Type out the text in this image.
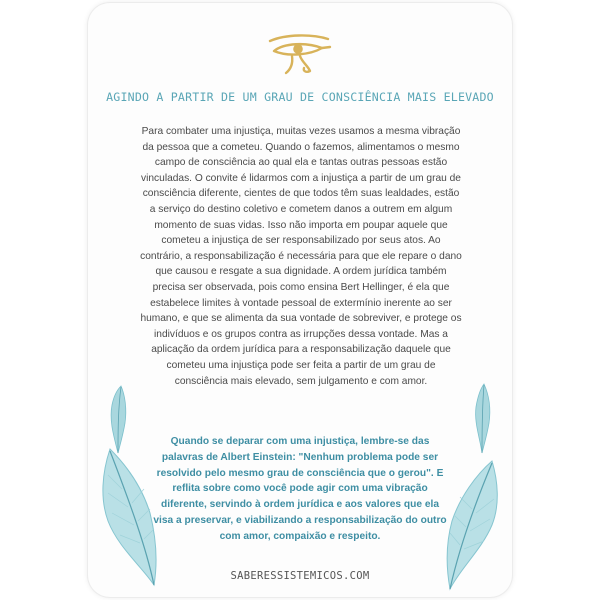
AGINDO A PARTIR DE UM GRAU DE CONSCIÊNCIA MAIS ELEVADO
Para combater uma injustiça, muitas vezes usamos a mesma vibração da pessoa que a cometeu. Quando o fazemos, alimentamos o mesmo campo de consciência ao qual ela e tantas outras pessoas estão vinculadas. O convite é lidarmos com a injustiça a partir de um grau de consciência diferente, cientes de que todos têm suas lealdades, estão a serviço do destino coletivo e cometem danos a outrem em algum momento de suas vidas. Isso não importa em poupar aquele que cometeu a injustiça de ser responsabilizado por seus atos. Ao contrário, a responsabilização é necessária para que ele repare o dano que causou e resgate a sua dignidade. A ordem jurídica também precisa ser observada, pois como ensina Bert Hellinger, é ela que estabelece limites à vontade pessoal de extermínio inerente ao ser humano, e que se alimenta da sua vontade de sobreviver, e protege os indivíduos e os grupos contra as irrupções dessa vontade. Mas a aplicação da ordem jurídica para a responsabilização daquele que cometeu uma injustiça pode ser feita a partir de um grau de consciência mais elevado, sem julgamento e com amor.
Quando se deparar com uma injustiça, lembre-se das palavras de Albert Einstein: "Nenhum problema pode ser resolvido pelo mesmo grau de consciência que o gerou". E reflita sobre como você pode agir com uma vibração diferente, servindo à ordem jurídica e aos valores que ela visa a preservar, e viabilizando a responsabilização do outro com amor, compaixão e respeito.
SABERESSISTEMICOS.COM
